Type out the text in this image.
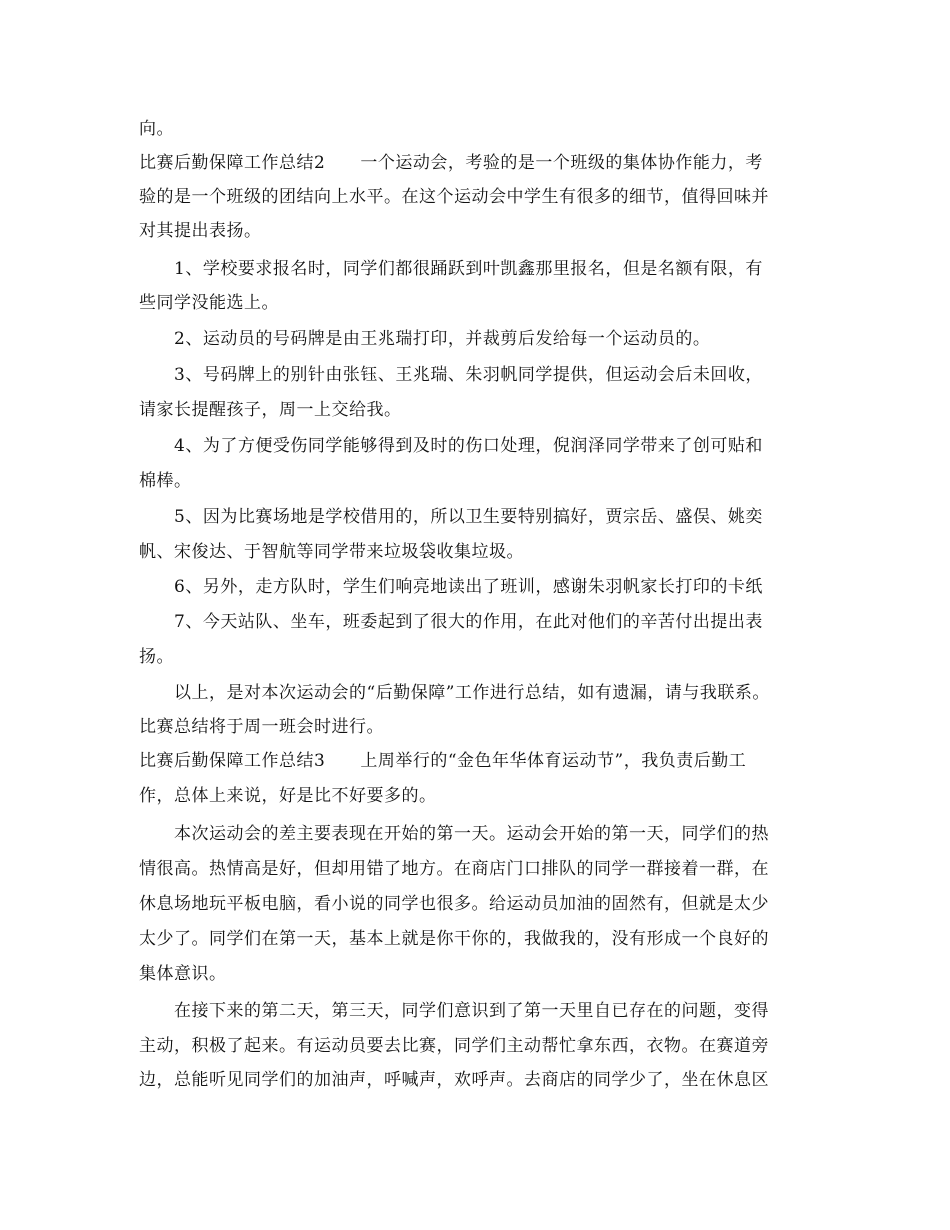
向。
比赛后勤保障工作总结2　　一个运动会，考验的是一个班级的集体协作能力，考
验的是一个班级的团结向上水平。在这个运动会中学生有很多的细节，值得回味并
对其提出表扬。
1、学校要求报名时，同学们都很踊跃到叶凯鑫那里报名，但是名额有限，有
些同学没能选上。
2、运动员的号码牌是由王兆瑞打印，并裁剪后发给每一个运动员的。
3、号码牌上的别针由张钰、王兆瑞、朱羽帆同学提供，但运动会后未回收，
请家长提醒孩子，周一上交给我。
4、为了方便受伤同学能够得到及时的伤口处理，倪润泽同学带来了创可贴和
棉棒。
5、因为比赛场地是学校借用的，所以卫生要特别搞好，贾宗岳、盛俣、姚奕
帆、宋俊达、于智航等同学带来垃圾袋收集垃圾。
6、另外，走方队时，学生们响亮地读出了班训，感谢朱羽帆家长打印的卡纸
7、今天站队、坐车，班委起到了很大的作用，在此对他们的辛苦付出提出表
扬。
以上，是对本次运动会的“后勤保障”工作进行总结，如有遗漏，请与我联系。
比赛总结将于周一班会时进行。
比赛后勤保障工作总结3　　上周举行的“金色年华体育运动节”，我负责后勤工
作，总体上来说，好是比不好要多的。
本次运动会的差主要表现在开始的第一天。运动会开始的第一天，同学们的热
情很高。热情高是好，但却用错了地方。在商店门口排队的同学一群接着一群，在
休息场地玩平板电脑，看小说的同学也很多。给运动员加油的固然有，但就是太少
太少了。同学们在第一天，基本上就是你干你的，我做我的，没有形成一个良好的
集体意识。
在接下来的第二天，第三天，同学们意识到了第一天里自已存在的问题，变得
主动，积极了起来。有运动员要去比赛，同学们主动帮忙拿东西，衣物。在赛道旁
边，总能听见同学们的加油声，呼喊声，欢呼声。去商店的同学少了，坐在休息区
